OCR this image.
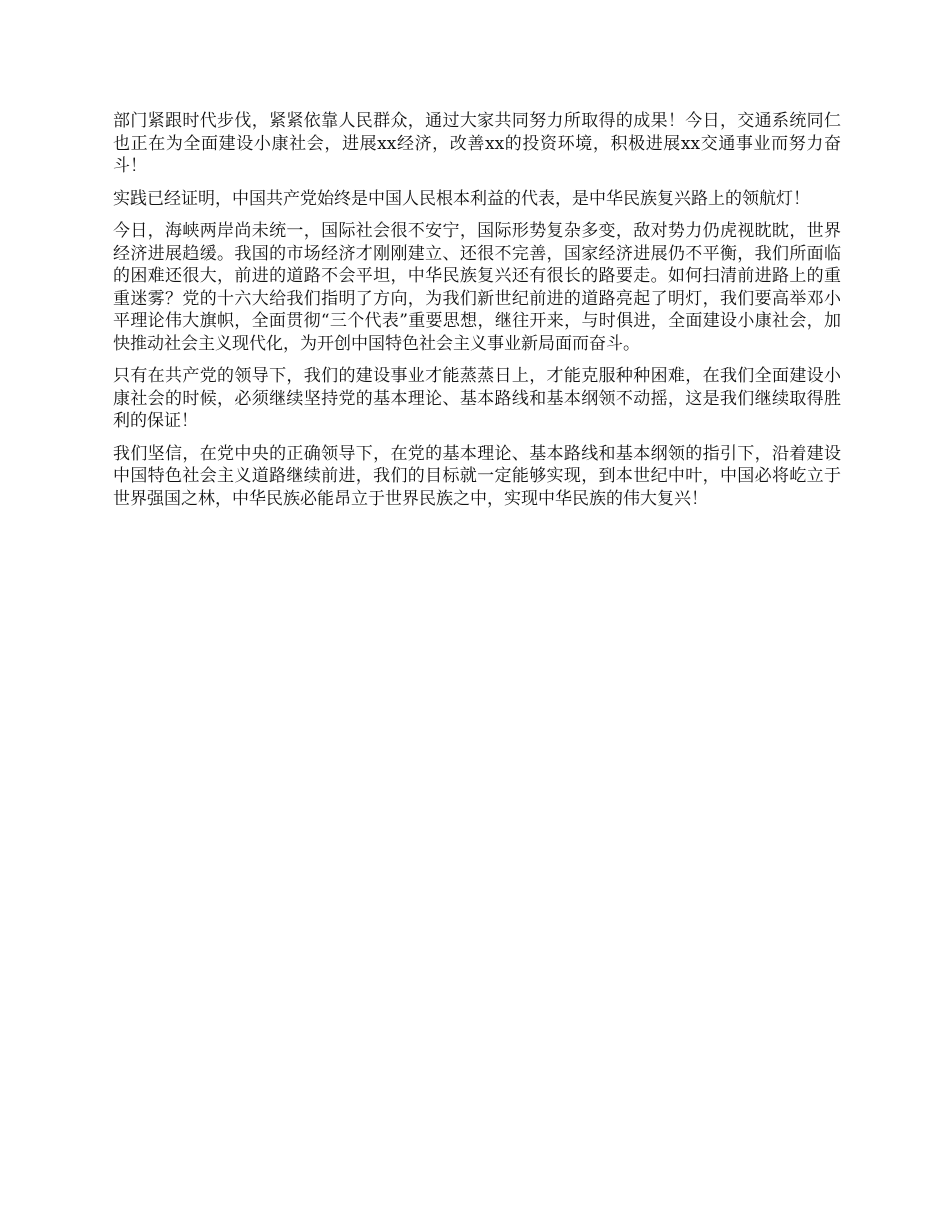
部门紧跟时代步伐，紧紧依靠人民群众，通过大家共同努力所取得的成果！今日，交通系统同仁也正在为全面建设小康社会，进展xx经济，改善xx的投资环境，积极进展xx交通事业而努力奋斗！

实践已经证明，中国共产党始终是中国人民根本利益的代表，是中华民族复兴路上的领航灯！

今日，海峡两岸尚未统一，国际社会很不安宁，国际形势复杂多变，敌对势力仍虎视眈眈，世界经济进展趋缓。我国的市场经济才刚刚建立、还很不完善，国家经济进展仍不平衡，我们所面临的困难还很大，前进的道路不会平坦，中华民族复兴还有很长的路要走。如何扫清前进路上的重重迷雾？党的十六大给我们指明了方向，为我们新世纪前进的道路亮起了明灯，我们要高举邓小平理论伟大旗帜，全面贯彻“三个代表”重要思想，继往开来，与时俱进，全面建设小康社会，加快推动社会主义现代化，为开创中国特色社会主义事业新局面而奋斗。

只有在共产党的领导下，我们的建设事业才能蒸蒸日上，才能克服种种困难，在我们全面建设小康社会的时候，必须继续坚持党的基本理论、基本路线和基本纲领不动摇，这是我们继续取得胜利的保证！

我们坚信，在党中央的正确领导下，在党的基本理论、基本路线和基本纲领的指引下，沿着建设中国特色社会主义道路继续前进，我们的目标就一定能够实现，到本世纪中叶，中国必将屹立于世界强国之林，中华民族必能昂立于世界民族之中，实现中华民族的伟大复兴！
